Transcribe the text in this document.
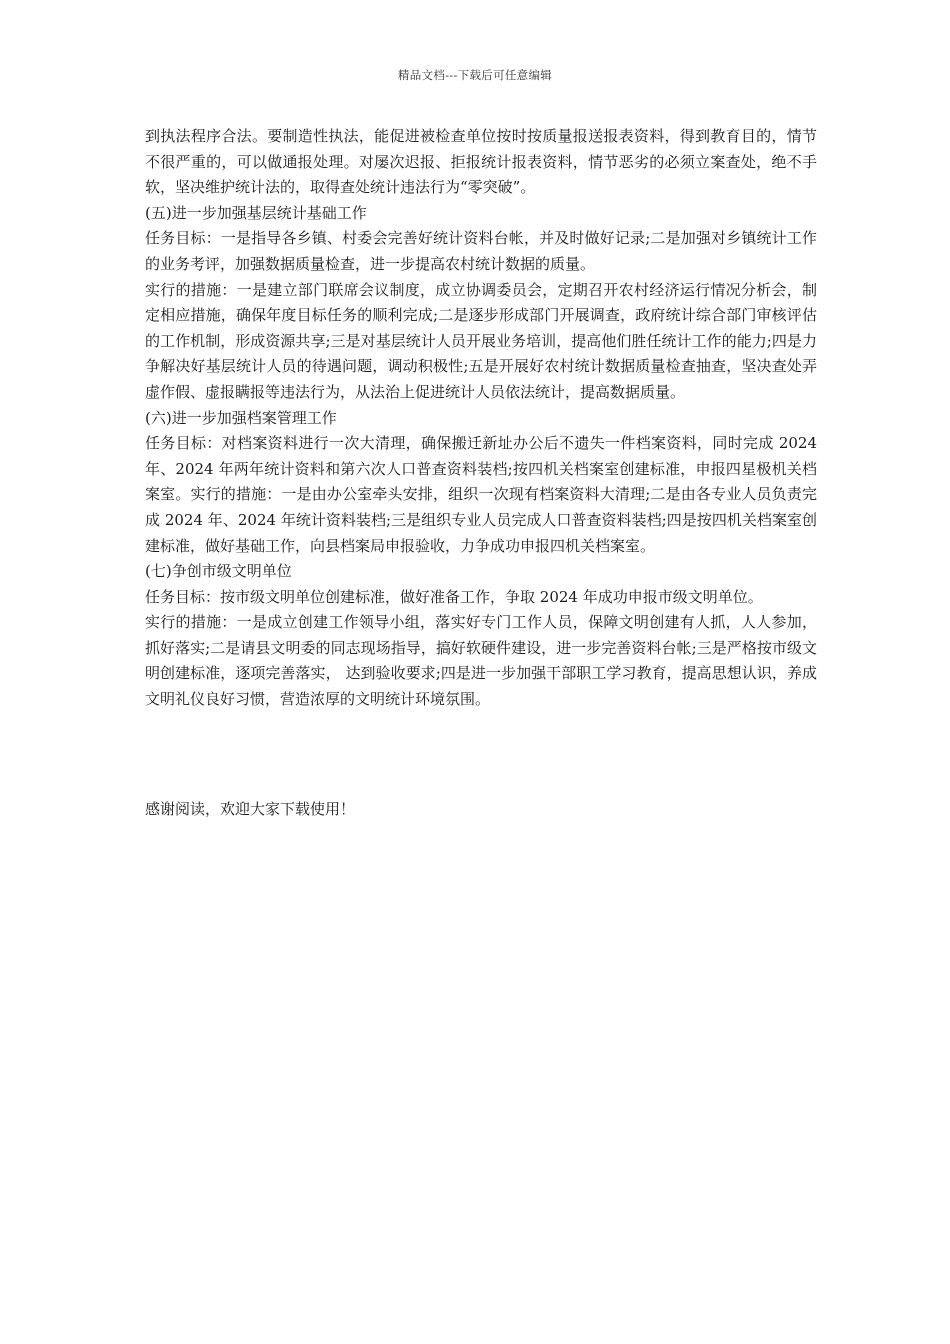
精品文档---下载后可任意编辑

到执法程序合法。要制造性执法，能促进被检查单位按时按质量报送报表资料，得到教育目的，情节不很严重的，可以做通报处理。对屡次迟报、拒报统计报表资料，情节恶劣的必须立案查处，绝不手软，坚决维护统计法的，取得查处统计违法行为“零突破”。

(五)进一步加强基层统计基础工作

任务目标：一是指导各乡镇、村委会完善好统计资料台帐，并及时做好记录;二是加强对乡镇统计工作的业务考评，加强数据质量检查，进一步提高农村统计数据的质量。

实行的措施：一是建立部门联席会议制度，成立协调委员会，定期召开农村经济运行情况分析会，制定相应措施，确保年度目标任务的顺利完成;二是逐步形成部门开展调查，政府统计综合部门审核评估的工作机制，形成资源共享;三是对基层统计人员开展业务培训，提高他们胜任统计工作的能力;四是力争解决好基层统计人员的待遇问题，调动积极性;五是开展好农村统计数据质量检查抽查，坚决查处弄虚作假、虚报瞒报等违法行为，从法治上促进统计人员依法统计，提高数据质量。

(六)进一步加强档案管理工作

任务目标：对档案资料进行一次大清理，确保搬迁新址办公后不遗失一件档案资料，同时完成 2024 年、2024 年两年统计资料和第六次人口普查资料装档;按四机关档案室创建标准，申报四星极机关档案室。实行的措施：一是由办公室牵头安排，组织一次现有档案资料大清理;二是由各专业人员负责完成 2024 年、2024 年统计资料装档;三是组织专业人员完成人口普查资料装档;四是按四机关档案室创建标准，做好基础工作，向县档案局申报验收，力争成功申报四机关档案室。

(七)争创市级文明单位

任务目标：按市级文明单位创建标准，做好准备工作，争取 2024 年成功申报市级文明单位。

实行的措施：一是成立创建工作领导小组，落实好专门工作人员，保障文明创建有人抓，人人参加，抓好落实;二是请县文明委的同志现场指导，搞好软硬件建设，进一步完善资料台帐;三是严格按市级文明创建标准，逐项完善落实， 达到验收要求;四是进一步加强干部职工学习教育，提高思想认识，养成文明礼仪良好习惯，营造浓厚的文明统计环境氛围。

感谢阅读，欢迎大家下载使用！
